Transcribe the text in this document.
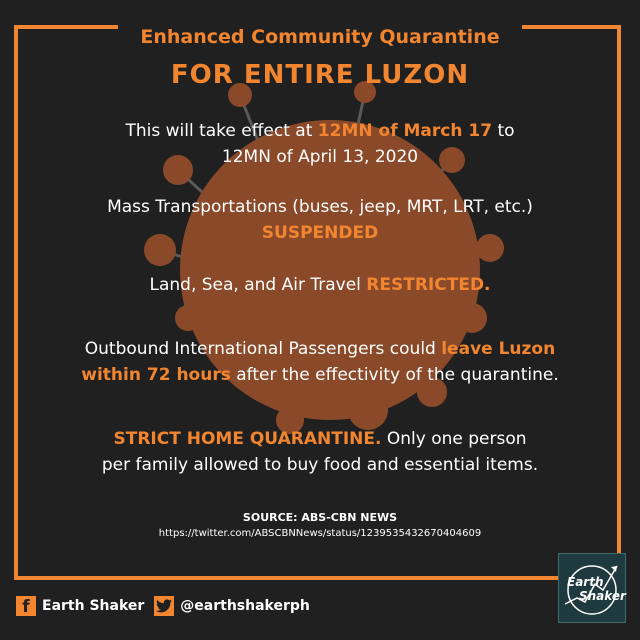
Enhanced Community Quarantine
FOR ENTIRE LUZON
This will take effect at 12MN of March 17 to
12MN of April 13, 2020
Mass Transportations (buses, jeep, MRT, LRT, etc.)
SUSPENDED
Land, Sea, and Air Travel RESTRICTED.
Outbound International Passengers could leave Luzon
within 72 hours after the effectivity of the quarantine.
STRICT HOME QUARANTINE. Only one person
per family allowed to buy food and essential items.
SOURCE: ABS-CBN NEWS
https://twitter.com/ABSCBNNews/status/1239535432670404609
f Earth Shaker	@earthshakerph
Earth
Shaker
